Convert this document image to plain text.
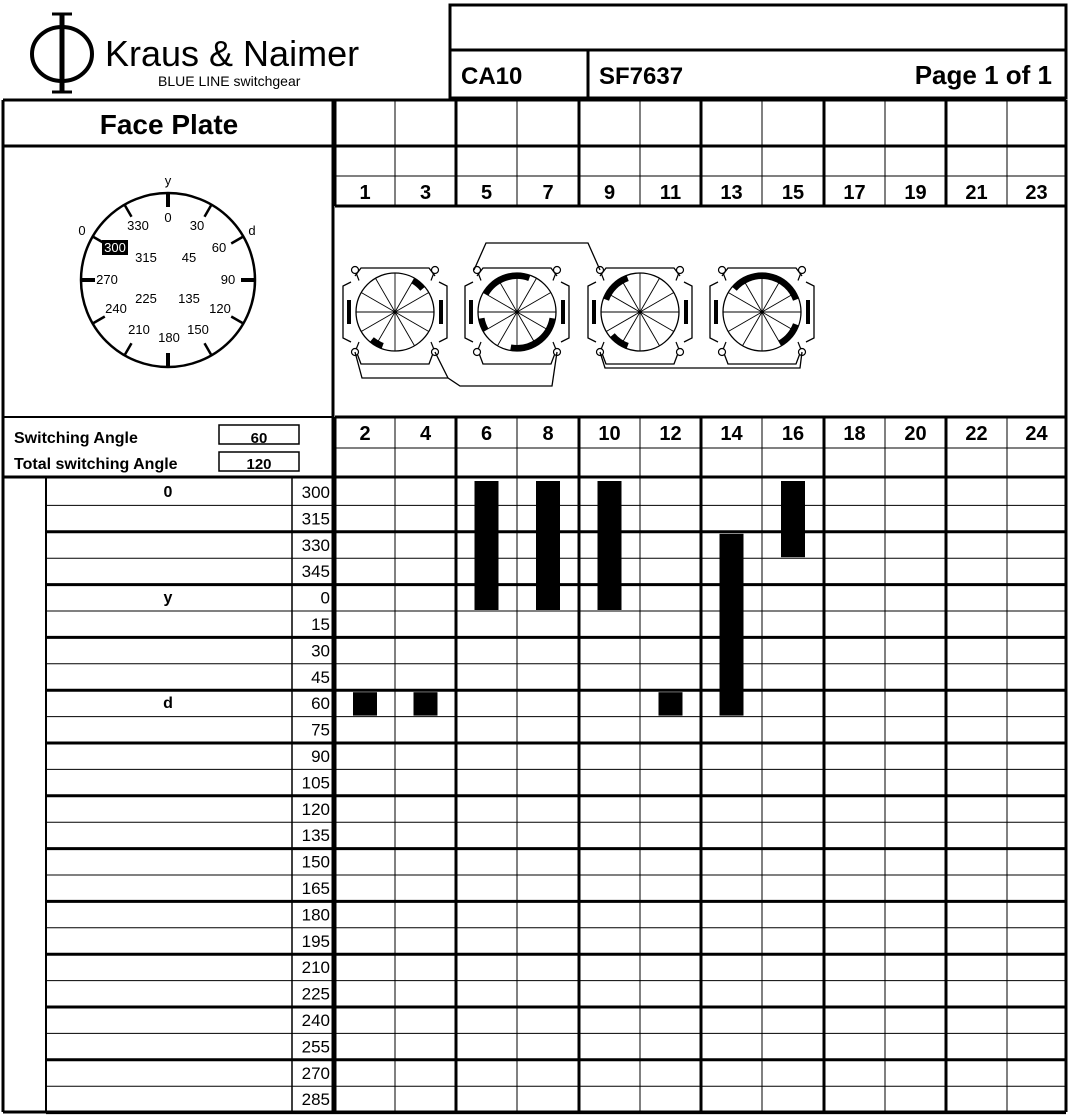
Kraus & Naimer
BLUE LINE switchgear	CA10	SF7637	Page 1 of 1
Face Plate
300
y
0	d
0
30
60
90
120
150
180
210
240
270
315
330
45
135
225
Switching Angle	60
Total switching Angle	120
1 3 5	7	9 11 13 15 17 19 21 23
2 4 6	8 10 12 14 16 18 20 22 24
0	300
315
330
345
y	0
15
30
45
d	60
75
90
105
120
135
150
165
180
195
210
225
240
255
270
285
